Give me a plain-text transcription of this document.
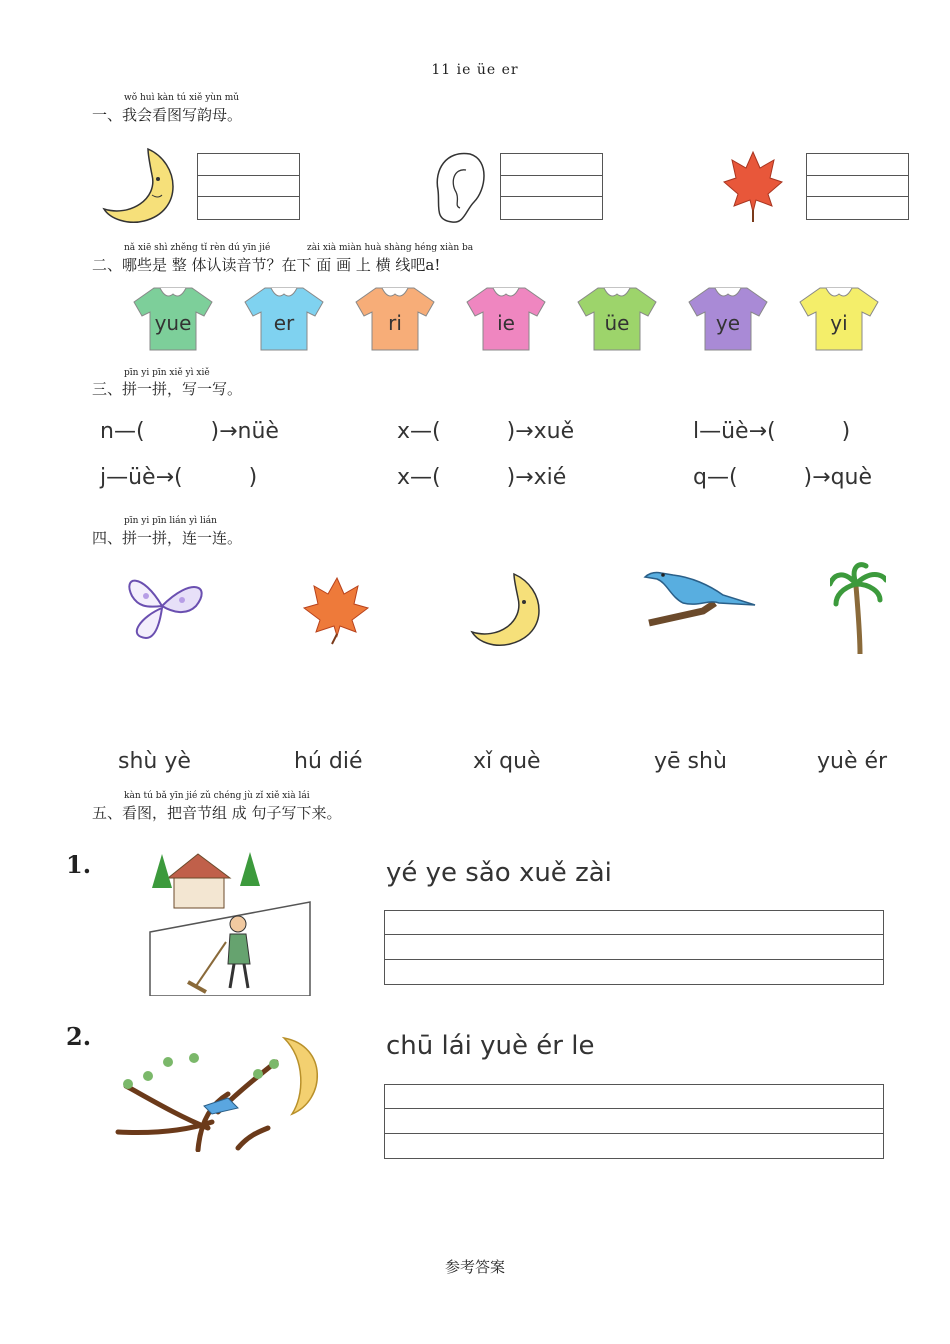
11 ie üe er
wǒ huì kàn tú xiě yùn mǔ
一、我会看图写韵母。
nǎ xiē shì zhěng tǐ rèn dú yīn jié	zài xià miàn huà shàng héng xiàn ba
二、哪些是 整 体认读音节？在下 面 画 上 横 线吧a!
yue	er	ri	ie	üe	ye	yi
pīn yi pīn xiě yì xiě
三、拼一拼，写一写。
n—(　　　)→nüè	x—(　　　)→xuě	l—üè→(　　　)
j—üè→(　　　)	x—(　　　)→xié	q—(　　　)→què
pīn yi pīn lián yì lián
四、拼一拼，连一连。
shù yè	hú dié	xǐ què	yē shù	yuè ér
kàn tú bǎ yīn jié zǔ chéng jù zǐ xiě xià lái
五、看图，把音节组 成 句子写下来。
1.	yé ye sǎo xuě zài
2.	chū lái yuè ér le
参考答案
